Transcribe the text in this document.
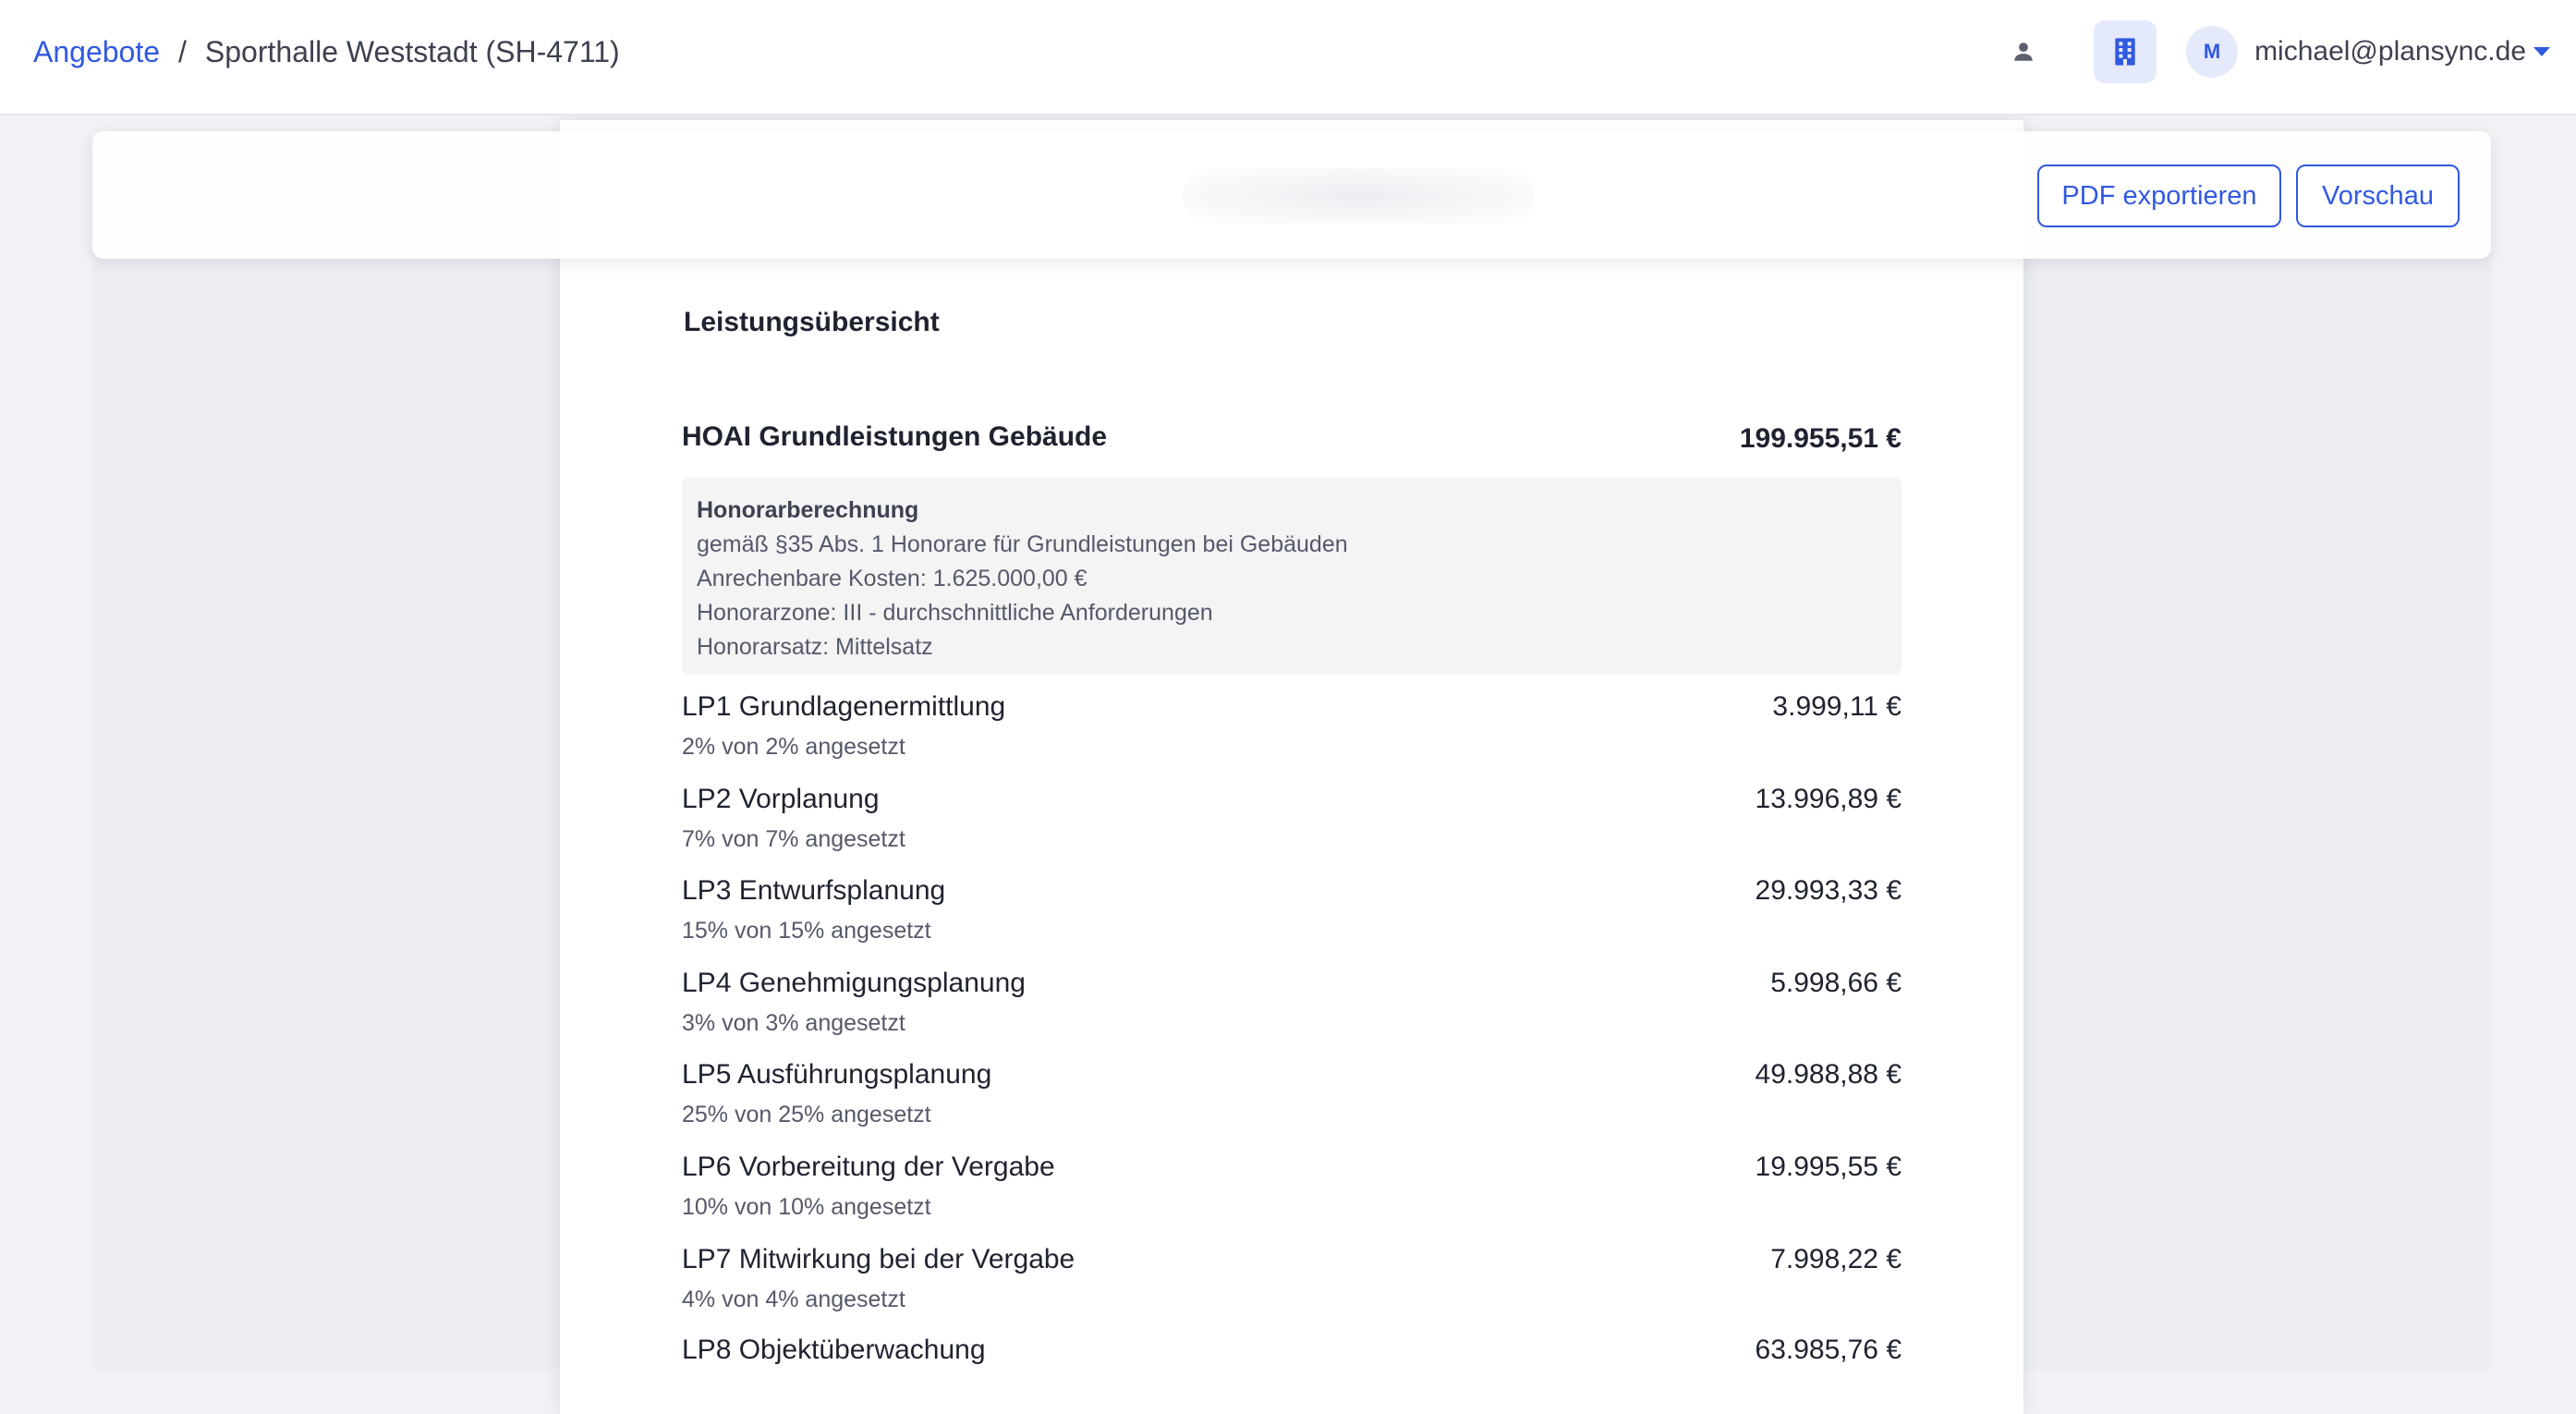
Angebote / Sporthalle Weststadt (SH-4711)	M	michael@plansync.de
PDF exportieren	Vorschau
Leistungsübersicht
HOAI Grundleistungen Gebäude	199.955,51 €
Honorarberechnung
gemäß §35 Abs. 1 Honorare für Grundleistungen bei Gebäuden
Anrechenbare Kosten: 1.625.000,00 €
Honorarzone: III - durchschnittliche Anforderungen
Honorarsatz: Mittelsatz
LP1 Grundlagenermittlung	3.999,11 €
2% von 2% angesetzt
LP2 Vorplanung	13.996,89 €
7% von 7% angesetzt
LP3 Entwurfsplanung	29.993,33 €
15% von 15% angesetzt
LP4 Genehmigungsplanung	5.998,66 €
3% von 3% angesetzt
LP5 Ausführungsplanung	49.988,88 €
25% von 25% angesetzt
LP6 Vorbereitung der Vergabe	19.995,55 €
10% von 10% angesetzt
LP7 Mitwirkung bei der Vergabe	7.998,22 €
4% von 4% angesetzt
LP8 Objektüberwachung	63.985,76 €
